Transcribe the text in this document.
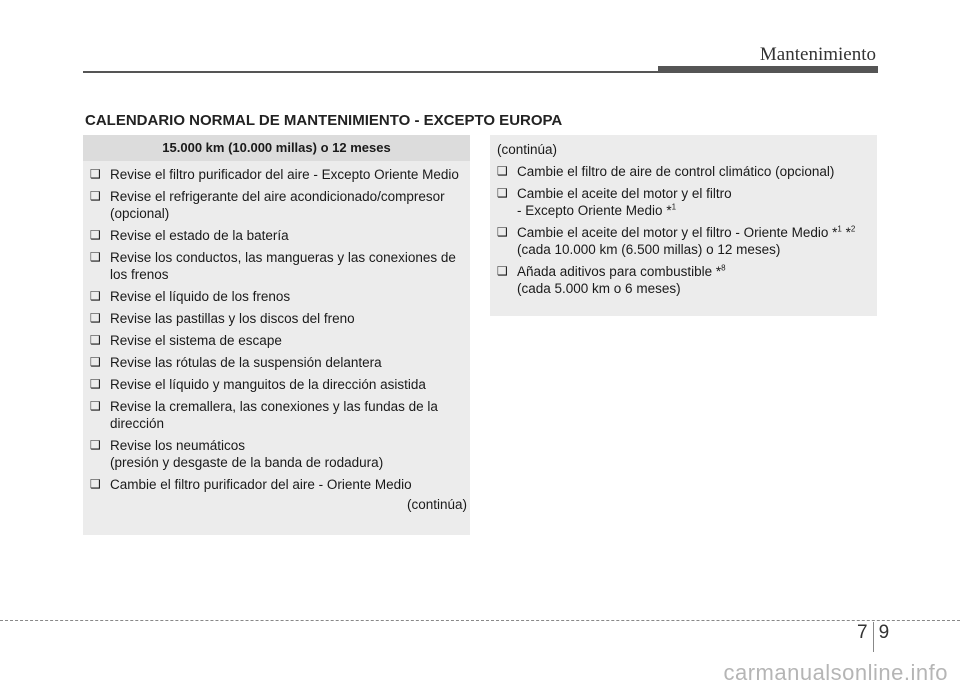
Mantenimiento
CALENDARIO NORMAL DE MANTENIMIENTO - EXCEPTO EUROPA
15.000 km (10.000 millas) o 12 meses
❑ Revise el filtro purificador del aire - Excepto Oriente Medio
❑ Revise el refrigerante del aire acondicionado/compresor
(opcional)
❑ Revise el estado de la batería
❑ Revise los conductos, las mangueras y las conexiones de
los frenos
❑ Revise el líquido de los frenos
❑ Revise las pastillas y los discos del freno
❑ Revise el sistema de escape
❑ Revise las rótulas de la suspensión delantera
❑ Revise el líquido y manguitos de la dirección asistida
❑ Revise la cremallera, las conexiones y las fundas de la
dirección
❑ Revise los neumáticos
(presión y desgaste de la banda de rodadura)
❑ Cambie el filtro purificador del aire - Oriente Medio
(continúa)
(continúa)
❑ Cambie el filtro de aire de control climático (opcional)
❑ Cambie el aceite del motor y el filtro
- Excepto Oriente Medio *$^1$
❑ Cambie el aceite del motor y el filtro - Oriente Medio *$^1$ *$^2$
(cada 10.000 km (6.500 millas) o 12 meses)
❑ Añada aditivos para combustible *$^8$
(cada 5.000 km o 6 meses)
7 9
carmanualsonline.info
